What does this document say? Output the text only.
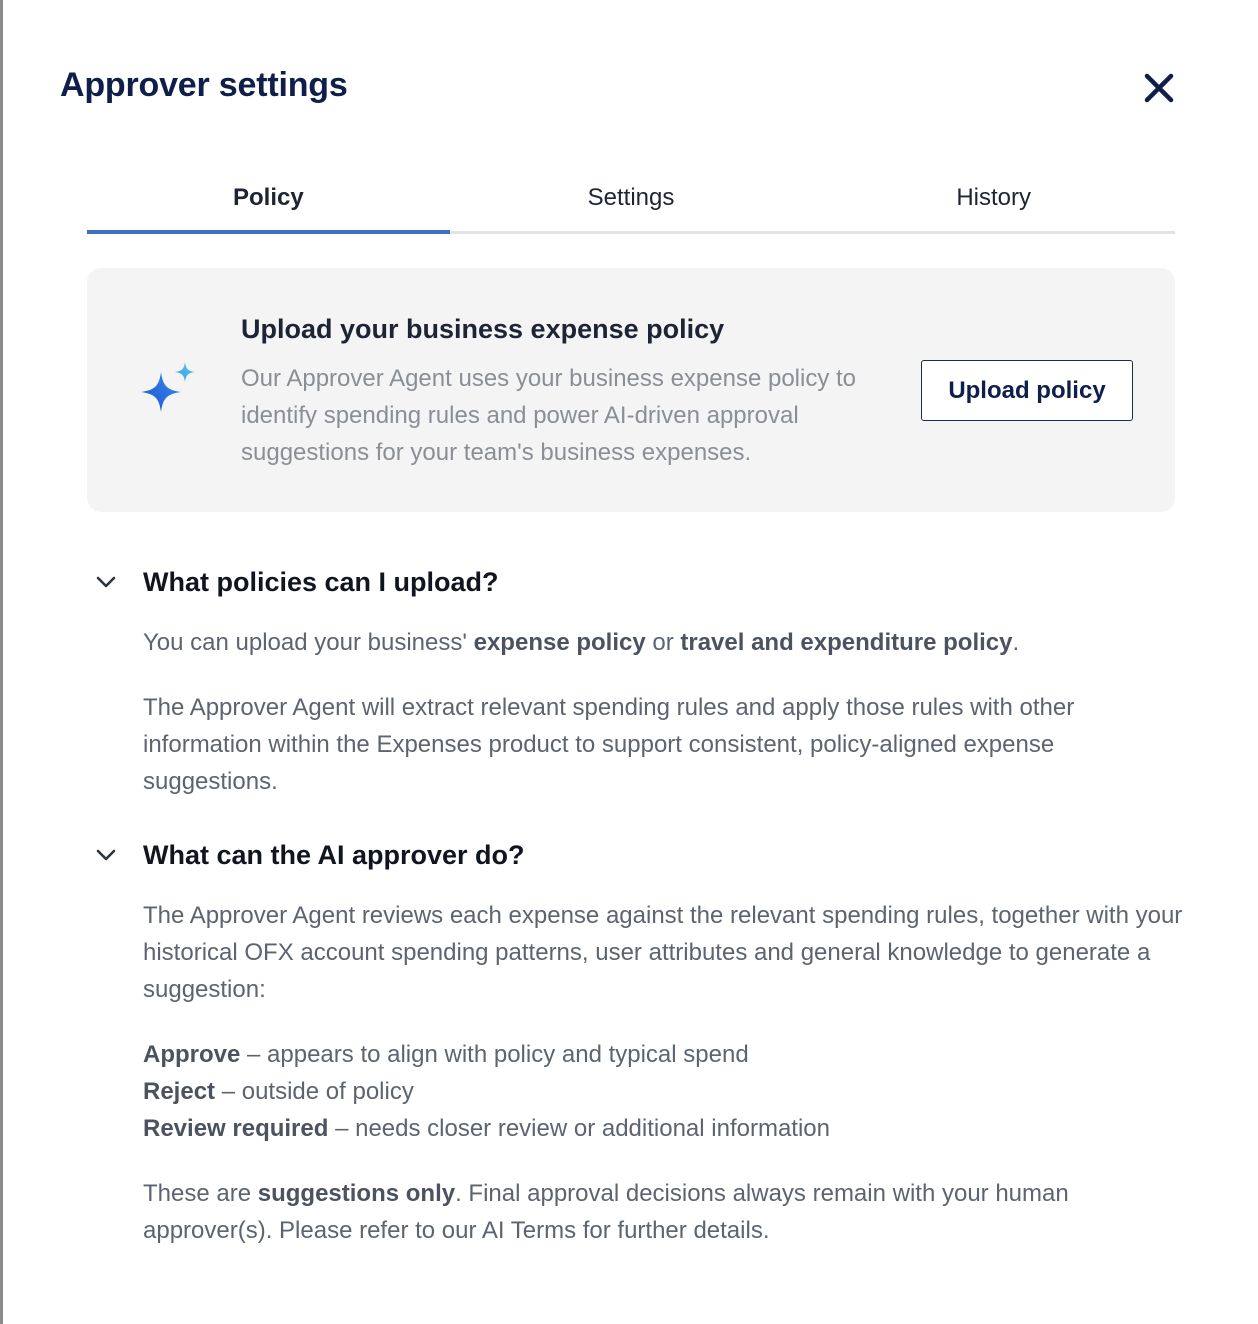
Approver settings
Policy	Settings	History
Upload your business expense policy

Our Approver Agent uses your business expense policy to identify spending rules and power AI-driven approval suggestions for your team's business expenses.

Upload policy
What policies can I upload?

You can upload your business' expense policy or travel and expenditure policy.

The Approver Agent will extract relevant spending rules and apply those rules with other information within the Expenses product to support consistent, policy-aligned expense suggestions.

What can the AI approver do?

The Approver Agent reviews each expense against the relevant spending rules, together with your historical OFX account spending patterns, user attributes and general knowledge to generate a suggestion:

Approve – appears to align with policy and typical spend
Reject – outside of policy
Review required – needs closer review or additional information

These are suggestions only. Final approval decisions always remain with your human approver(s). Please refer to our AI Terms for further details.
